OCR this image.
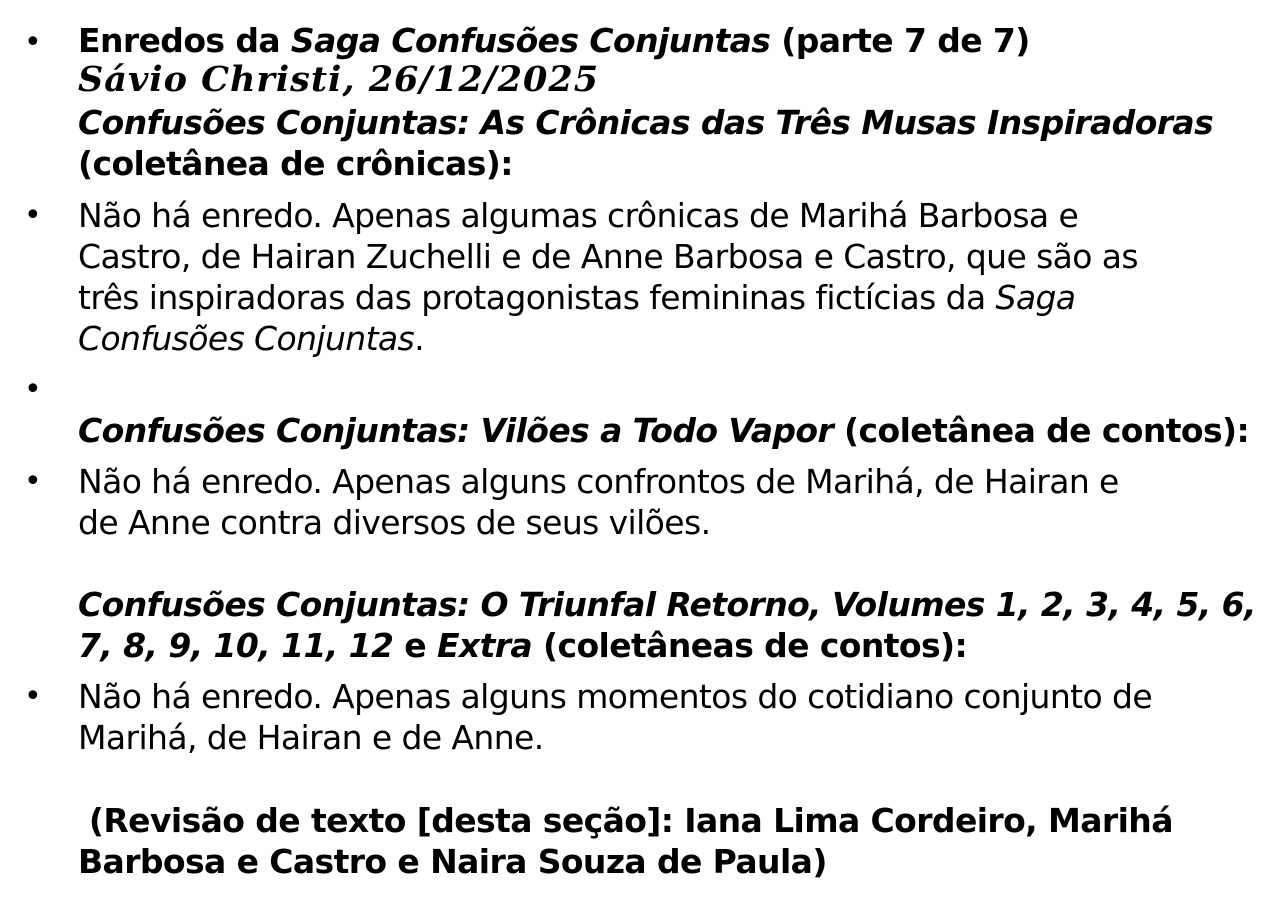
• Enredos da Saga Confusões Conjuntas (parte 7 de 7)
Sávio Christi, 26/12/2025
Confusões Conjuntas: As Crônicas das Três Musas Inspiradoras
(coletânea de crônicas):
• Não há enredo. Apenas algumas crônicas de Marihá Barbosa e
Castro, de Hairan Zuchelli e de Anne Barbosa e Castro, que são as
três inspiradoras das protagonistas femininas fictícias da Saga
Confusões Conjuntas.
•
Confusões Conjuntas: Vilões a Todo Vapor (coletânea de contos):
• Não há enredo. Apenas alguns confrontos de Marihá, de Hairan e
de Anne contra diversos de seus vilões.
Confusões Conjuntas: O Triunfal Retorno, Volumes 1, 2, 3, 4, 5, 6,
7, 8, 9, 10, 11, 12 e Extra (coletâneas de contos):
• Não há enredo. Apenas alguns momentos do cotidiano conjunto de
Marihá, de Hairan e de Anne.
(Revisão de texto [desta seção]: Iana Lima Cordeiro, Marihá
Barbosa e Castro e Naira Souza de Paula)
